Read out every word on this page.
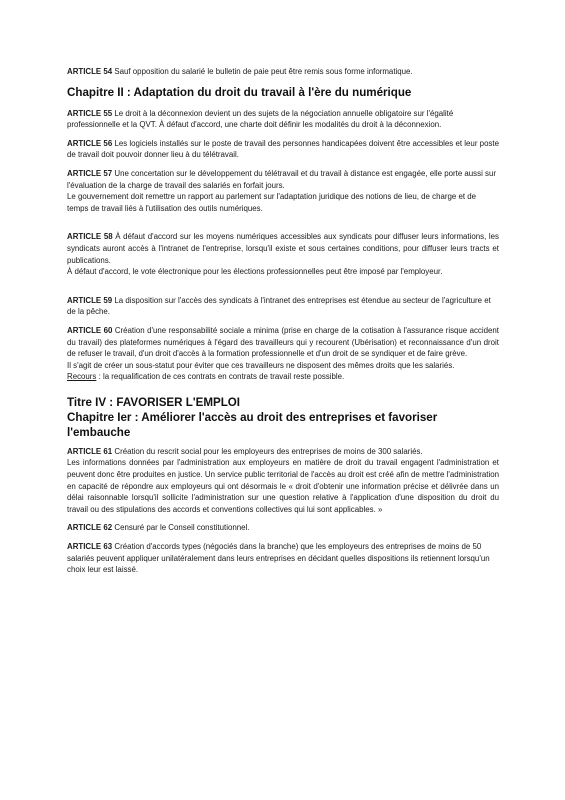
ARTICLE 54 Sauf opposition du salarié le bulletin de paie peut être remis sous forme informatique.

Chapitre II : Adaptation du droit du travail à l'ère du numérique

ARTICLE 55 Le droit à la déconnexion devient un des sujets de la négociation annuelle obligatoire sur l'égalité professionnelle et la QVT. À défaut d'accord, une charte doit définir les modalités du droit à la déconnexion.

ARTICLE 56 Les logiciels installés sur le poste de travail des personnes handicapées doivent être accessibles et leur poste de travail doit pouvoir donner lieu à du télétravail.

ARTICLE 57 Une concertation sur le développement du télétravail et du travail à distance est engagée, elle porte aussi sur l'évaluation de la charge de travail des salariés en forfait jours.

Le gouvernement doit remettre un rapport au parlement sur l'adaptation juridique des notions de lieu, de charge et de temps de travail liés à l'utilisation des outils numériques.

ARTICLE 58 À défaut d'accord sur les moyens numériques accessibles aux syndicats pour diffuser leurs informations, les syndicats auront accès à l'intranet de l'entreprise, lorsqu'il existe et sous certaines conditions, pour diffuser leurs tracts et publications.

À défaut d'accord, le vote électronique pour les élections professionnelles peut être imposé par l'employeur.

ARTICLE 59 La disposition sur l'accès des syndicats à l'intranet des entreprises est étendue au secteur de l'agriculture et de la pêche.

ARTICLE 60 Création d'une responsabilité sociale a minima (prise en charge de la cotisation à l'assurance risque accident du travail) des plateformes numériques à l'égard des travailleurs qui y recourent (Ubérisation) et reconnaissance d'un droit de refuser le travail, d'un droit d'accès à la formation professionnelle et d'un droit de se syndiquer et de faire grève.

Il s'agit de créer un sous-statut pour éviter que ces travailleurs ne disposent des mêmes droits que les salariés.

Recours : la requalification de ces contrats en contrats de travail reste possible.

Titre IV : FAVORISER L'EMPLOI
Chapitre Ier : Améliorer l'accès au droit des entreprises et favoriser l'embauche

ARTICLE 61 Création du rescrit social pour les employeurs des entreprises de moins de 300 salariés.

Les informations données par l'administration aux employeurs en matière de droit du travail engagent l'administration et peuvent donc être produites en justice. Un service public territorial de l'accès au droit est créé afin de mettre l'administration en capacité de répondre aux employeurs qui ont désormais le « droit d'obtenir une information précise et délivrée dans un délai raisonnable lorsqu'il sollicite l'administration sur une question relative à l'application d'une disposition du droit du travail ou des stipulations des accords et conventions collectives qui lui sont applicables. »

ARTICLE 62 Censuré par le Conseil constitutionnel.

ARTICLE 63 Création d'accords types (négociés dans la branche) que les employeurs des entreprises de moins de 50 salariés peuvent appliquer unilatéralement dans leurs entreprises en décidant quelles dispositions ils retiennent lorsqu'un choix leur est laissé.
